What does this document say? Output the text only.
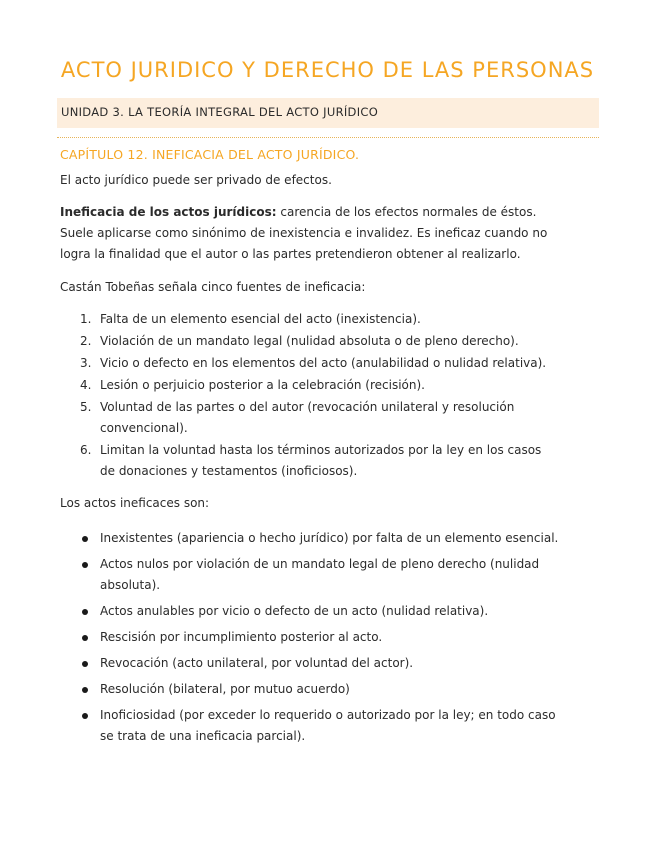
ACTO JURIDICO Y DERECHO DE LAS PERSONAS
UNIDAD 3. LA TEORÍA INTEGRAL DEL ACTO JURÍDICO
CAPÍTULO 12. INEFICACIA DEL ACTO JURÍDICO.

El acto jurídico puede ser privado de efectos.

Ineficacia de los actos jurídicos: carencia de los efectos normales de éstos. Suele aplicarse como sinónimo de inexistencia e invalidez. Es ineficaz cuando no logra la finalidad que el autor o las partes pretendieron obtener al realizarlo.

Castán Tobeñas señala cinco fuentes de ineficacia:

1. Falta de un elemento esencial del acto (inexistencia).
2. Violación de un mandato legal (nulidad absoluta o de pleno derecho).
3. Vicio o defecto en los elementos del acto (anulabilidad o nulidad relativa).
4. Lesión o perjuicio posterior a la celebración (recisión).
5. Voluntad de las partes o del autor (revocación unilateral y resolución convencional).
6. Limitan la voluntad hasta los términos autorizados por la ley en los casos de donaciones y testamentos (inoficiosos).

Los actos ineficaces son:

Inexistentes (apariencia o hecho jurídico) por falta de un elemento esencial.
Actos nulos por violación de un mandato legal de pleno derecho (nulidad absoluta).
Actos anulables por vicio o defecto de un acto (nulidad relativa).
Rescisión por incumplimiento posterior al acto.
Revocación (acto unilateral, por voluntad del actor).
Resolución (bilateral, por mutuo acuerdo)
Inoficiosidad (por exceder lo requerido o autorizado por la ley; en todo caso se trata de una ineficacia parcial).
